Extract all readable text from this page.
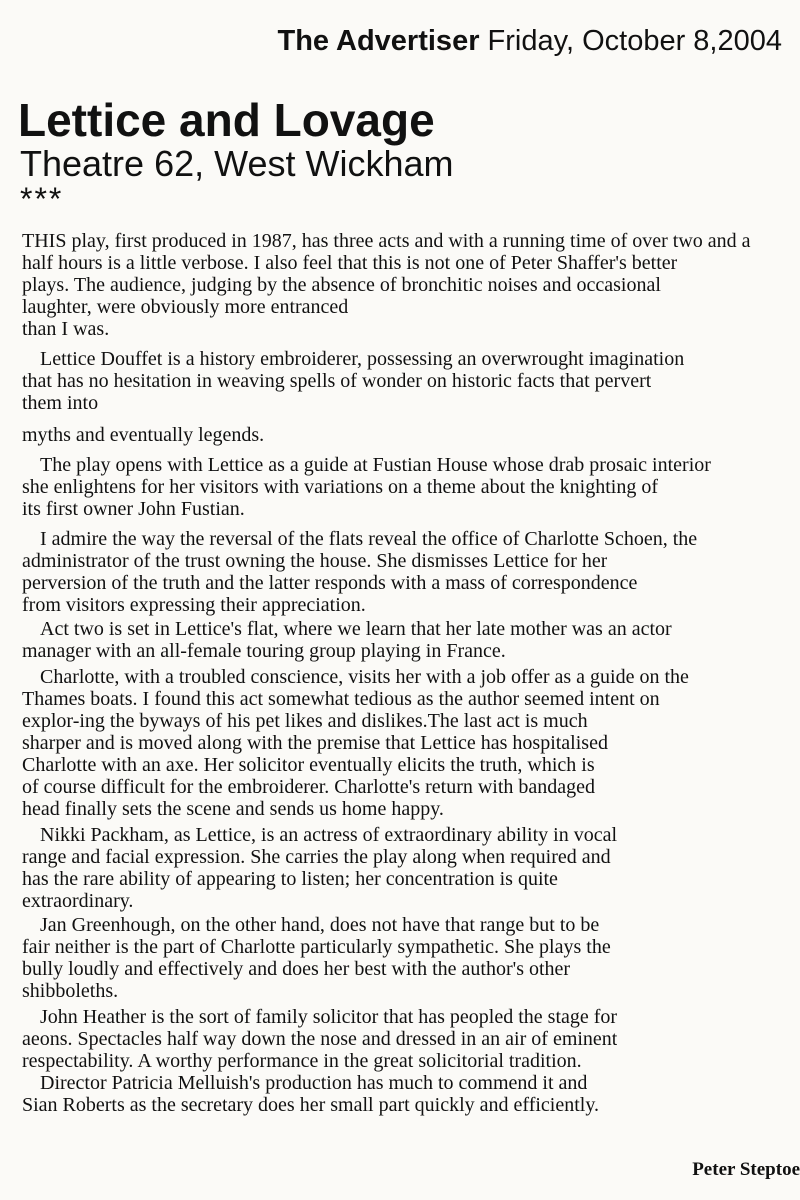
The Advertiser Friday, October 8,2004
Lettice and Lovage
Theatre 62, West Wickham
***
THIS play, first produced in 1987, has three acts and with a running time of over two and a
half hours is a little verbose. I also feel that this is not one of Peter Shaffer's better
plays. The audience, judging by the absence of bronchitic noises and occasional
laughter, were obviously more entranced
than I was.
Lettice Douffet is a history embroiderer, possessing an overwrought imagination
that has no hesitation in weaving spells of wonder on historic facts that pervert
them into
myths and eventually legends.
The play opens with Lettice as a guide at Fustian House whose drab prosaic interior
she enlightens for her visitors with variations on a theme about the knighting of
its first owner John Fustian.
I admire the way the reversal of the flats reveal the office of Charlotte Schoen, the
administrator of the trust owning the house. She dismisses Lettice for her
perversion of the truth and the latter responds with a mass of correspondence
from visitors expressing their appreciation.
Act two is set in Lettice's flat, where we learn that her late mother was an actor
manager with an all-female touring group playing in France.
Charlotte, with a troubled conscience, visits her with a job offer as a guide on the
Thames boats. I found this act somewhat tedious as the author seemed intent on
explor-ing the byways of his pet likes and dislikes.The last act is much
sharper and is moved along with the premise that Lettice has hospitalised
Charlotte with an axe. Her solicitor eventually elicits the truth, which is
of course difficult for the embroiderer. Charlotte's return with bandaged
head finally sets the scene and sends us home happy.
Nikki Packham, as Lettice, is an actress of extraordinary ability in vocal
range and facial expression. She carries the play along when required and
has the rare ability of appearing to listen; her concentration is quite
extraordinary.
Jan Greenhough, on the other hand, does not have that range but to be
fair neither is the part of Charlotte particularly sympathetic. She plays the
bully loudly and effectively and does her best with the author's other
shibboleths.
John Heather is the sort of family solicitor that has peopled the stage for
aeons. Spectacles half way down the nose and dressed in an air of eminent
respectability. A worthy performance in the great solicitorial tradition.
Director Patricia Melluish's production has much to commend it and
Sian Roberts as the secretary does her small part quickly and efficiently.
Peter Steptoe
